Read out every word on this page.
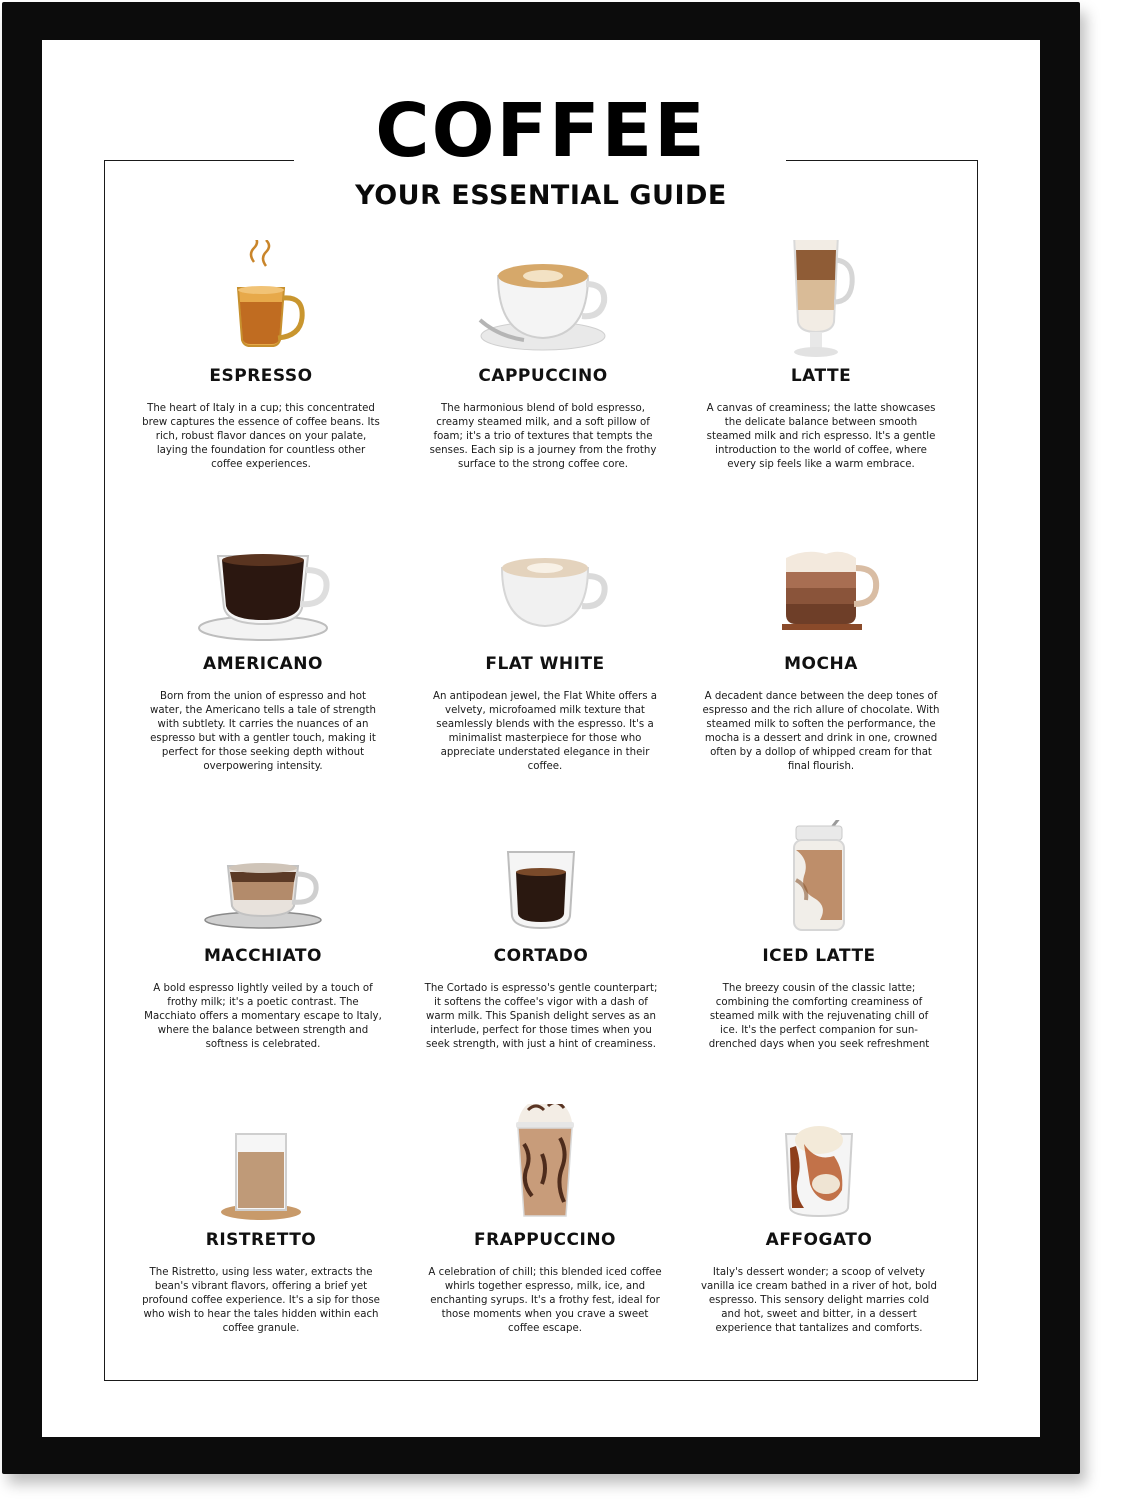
COFFEE
YOUR ESSENTIAL GUIDE
ESPRESSO
The heart of Italy in a cup; this concentrated brew captures the essence of coffee beans. Its rich, robust flavor dances on your palate, laying the foundation for countless other coffee experiences.
CAPPUCCINO
The harmonious blend of bold espresso, creamy steamed milk, and a soft pillow of foam; it's a trio of textures that tempts the senses. Each sip is a journey from the frothy surface to the strong coffee core.
LATTE
A canvas of creaminess; the latte showcases the delicate balance between smooth steamed milk and rich espresso. It's a gentle introduction to the world of coffee, where every sip feels like a warm embrace.
AMERICANO
Born from the union of espresso and hot water, the Americano tells a tale of strength with subtlety. It carries the nuances of an espresso but with a gentler touch, making it perfect for those seeking depth without overpowering intensity.
FLAT WHITE
An antipodean jewel, the Flat White offers a velvety, microfoamed milk texture that seamlessly blends with the espresso. It's a minimalist masterpiece for those who appreciate understated elegance in their coffee.
MOCHA
A decadent dance between the deep tones of espresso and the rich allure of chocolate. With steamed milk to soften the performance, the mocha is a dessert and drink in one, crowned often by a dollop of whipped cream for that final flourish.
MACCHIATO
A bold espresso lightly veiled by a touch of frothy milk; it's a poetic contrast. The Macchiato offers a momentary escape to Italy, where the balance between strength and softness is celebrated.
CORTADO
The Cortado is espresso's gentle counterpart; it softens the coffee's vigor with a dash of warm milk. This Spanish delight serves as an interlude, perfect for those times when you seek strength, with just a hint of creaminess.
ICED LATTE
The breezy cousin of the classic latte; combining the comforting creaminess of steamed milk with the rejuvenating chill of ice. It's the perfect companion for sun-drenched days when you seek refreshment
RISTRETTO
The Ristretto, using less water, extracts the bean's vibrant flavors, offering a brief yet profound coffee experience. It's a sip for those who wish to hear the tales hidden within each coffee granule.
FRAPPUCCINO
A celebration of chill; this blended iced coffee whirls together espresso, milk, ice, and enchanting syrups. It's a frothy fest, ideal for those moments when you crave a sweet coffee escape.
AFFOGATO
Italy's dessert wonder; a scoop of velvety vanilla ice cream bathed in a river of hot, bold espresso. This sensory delight marries cold and hot, sweet and bitter, in a dessert experience that tantalizes and comforts.
